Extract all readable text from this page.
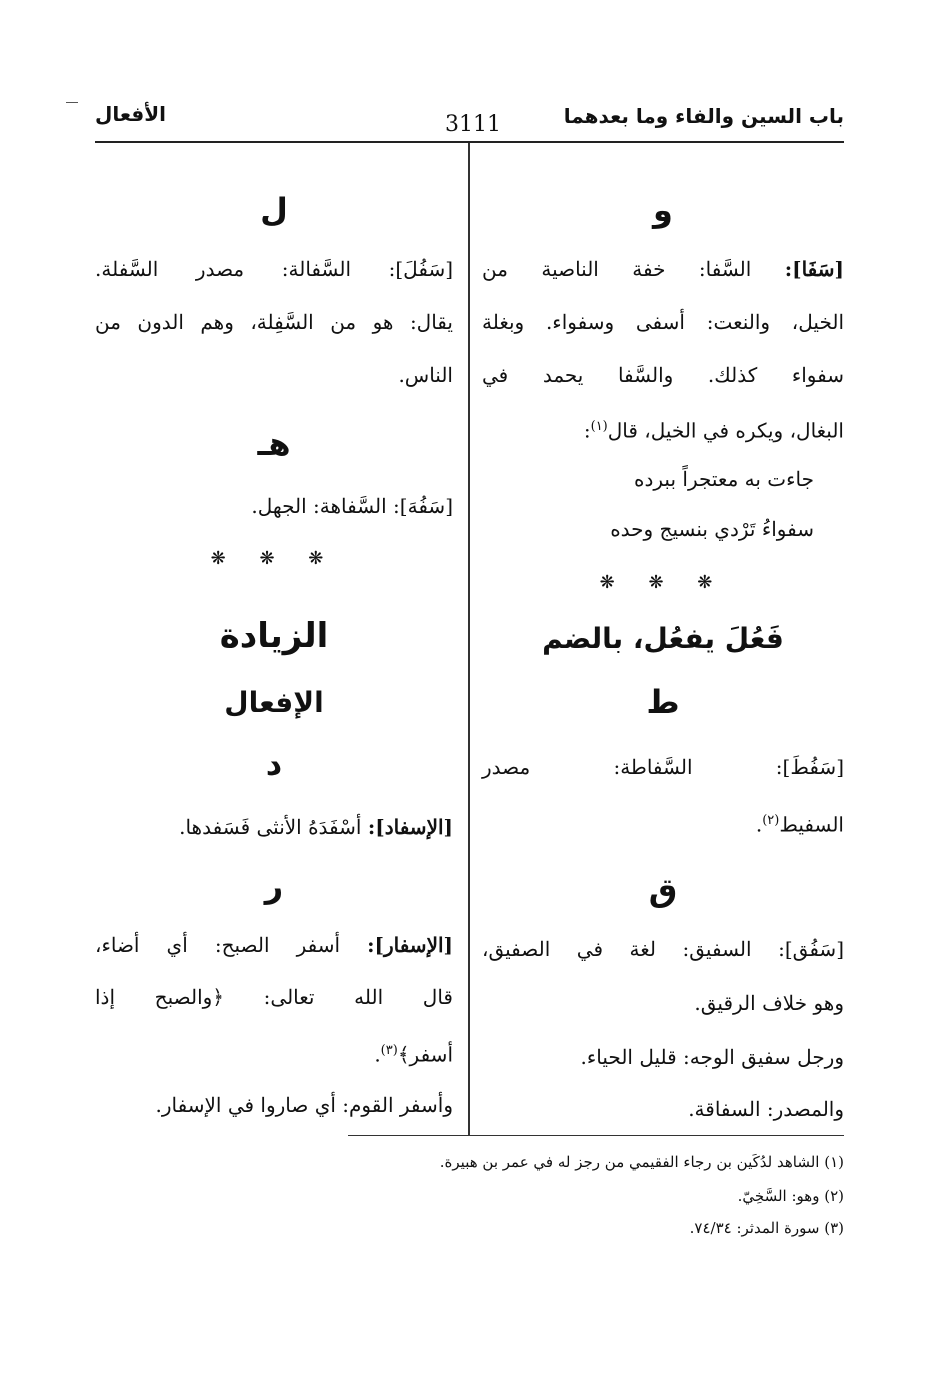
باب السين والفاء وما بعدهما
3111
الأفعال
و
[سَفَا]: السَّفا: خفة الناصية من
الخيل، والنعت: أسفى وسفواء. وبغلة
سفواء كذلك. والسَّفا يحمد في
البغال، ويكره في الخيل، قال$^{(١)}$:
جاءت به معتجراً ببرده
سفواءُ تَرْدي بنسيج وحده
❋ ❋ ❋
فَعُلَ يفعُل، بالضم
ط
[سَفُطَ]: السَّفاطة: مصدر
السفيط$^{(٢)}$.
ق
[سَفُق]: السفيق: لغة في الصفيق،
وهو خلاف الرقيق.
ورجل سفيق الوجه: قليل الحياء.
والمصدر: السفاقة.
ل
[سَفُلَ]: السَّفالة: مصدر السَّفلة.
يقال: هو من السَّفِلة، وهم الدون من
الناس.
هـ
[سَفُهَ]: السَّفاهة: الجهل.
❋ ❋ ❋
الزيادة
الإفعال
د
[الإسفاد]: أسْفَدَهُ الأنثى فَسَفدها.
ر
[الإسفار]: أسفر الصبح: أي أضاء،
قال الله تعالى: ﴿والصبح إذا
أسفر﴾$^{(٣)}$.
وأسفر القوم: أي صاروا في الإسفار.
(١) الشاهد لدُكَين بن رجاء الفقيمي من رجز له في عمر بن هبيرة.
(٢) وهو: السَّخِيّ.
(٣) سورة المدثر: ٧٤/٣٤.
